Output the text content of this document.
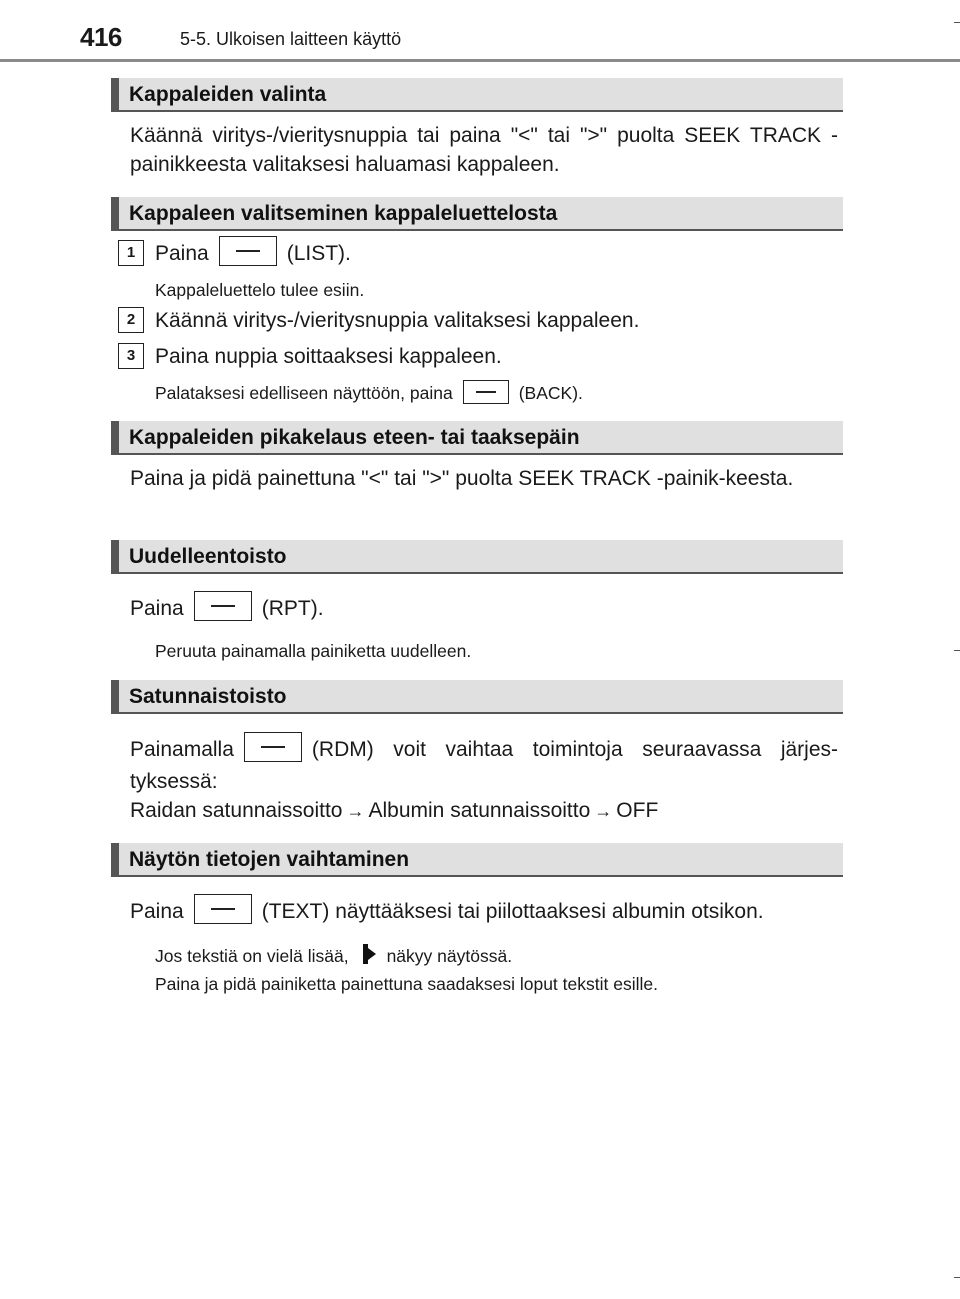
416	5-5. Ulkoisen laitteen käyttö
Kappaleiden valinta
Käännä viritys-/vieritysnuppia tai paina "<" tai ">" puolta SEEK TRACK -painikkeesta valitaksesi haluamasi kappaleen.
Kappaleen valitseminen kappaleluettelosta
1 Paina	(LIST).
Kappaleluettelo tulee esiin.
2 Käännä viritys-/vieritysnuppia valitaksesi kappaleen.
3 Paina nuppia soittaaksesi kappaleen.
Palataksesi edelliseen näyttöön, paina	(BACK).
Kappaleiden pikakelaus eteen- tai taaksepäin
Paina ja pidä painettuna "<" tai ">" puolta SEEK TRACK -painik-keesta.
Uudelleentoisto
Paina	(RPT).
Peruuta painamalla painiketta uudelleen.
Satunnaistoisto
Painamalla	(RDM) voit vaihtaa toimintoja seuraavassa järjes-tyksessä:
Raidan satunnaissoitto → Albumin satunnaissoitto → OFF
Näytön tietojen vaihtaminen
Paina	(TEXT) näyttääksesi tai piilottaaksesi albumin otsikon.
Jos tekstiä on vielä lisää, näkyy näytössä.
Paina ja pidä painiketta painettuna saadaksesi loput tekstit esille.
